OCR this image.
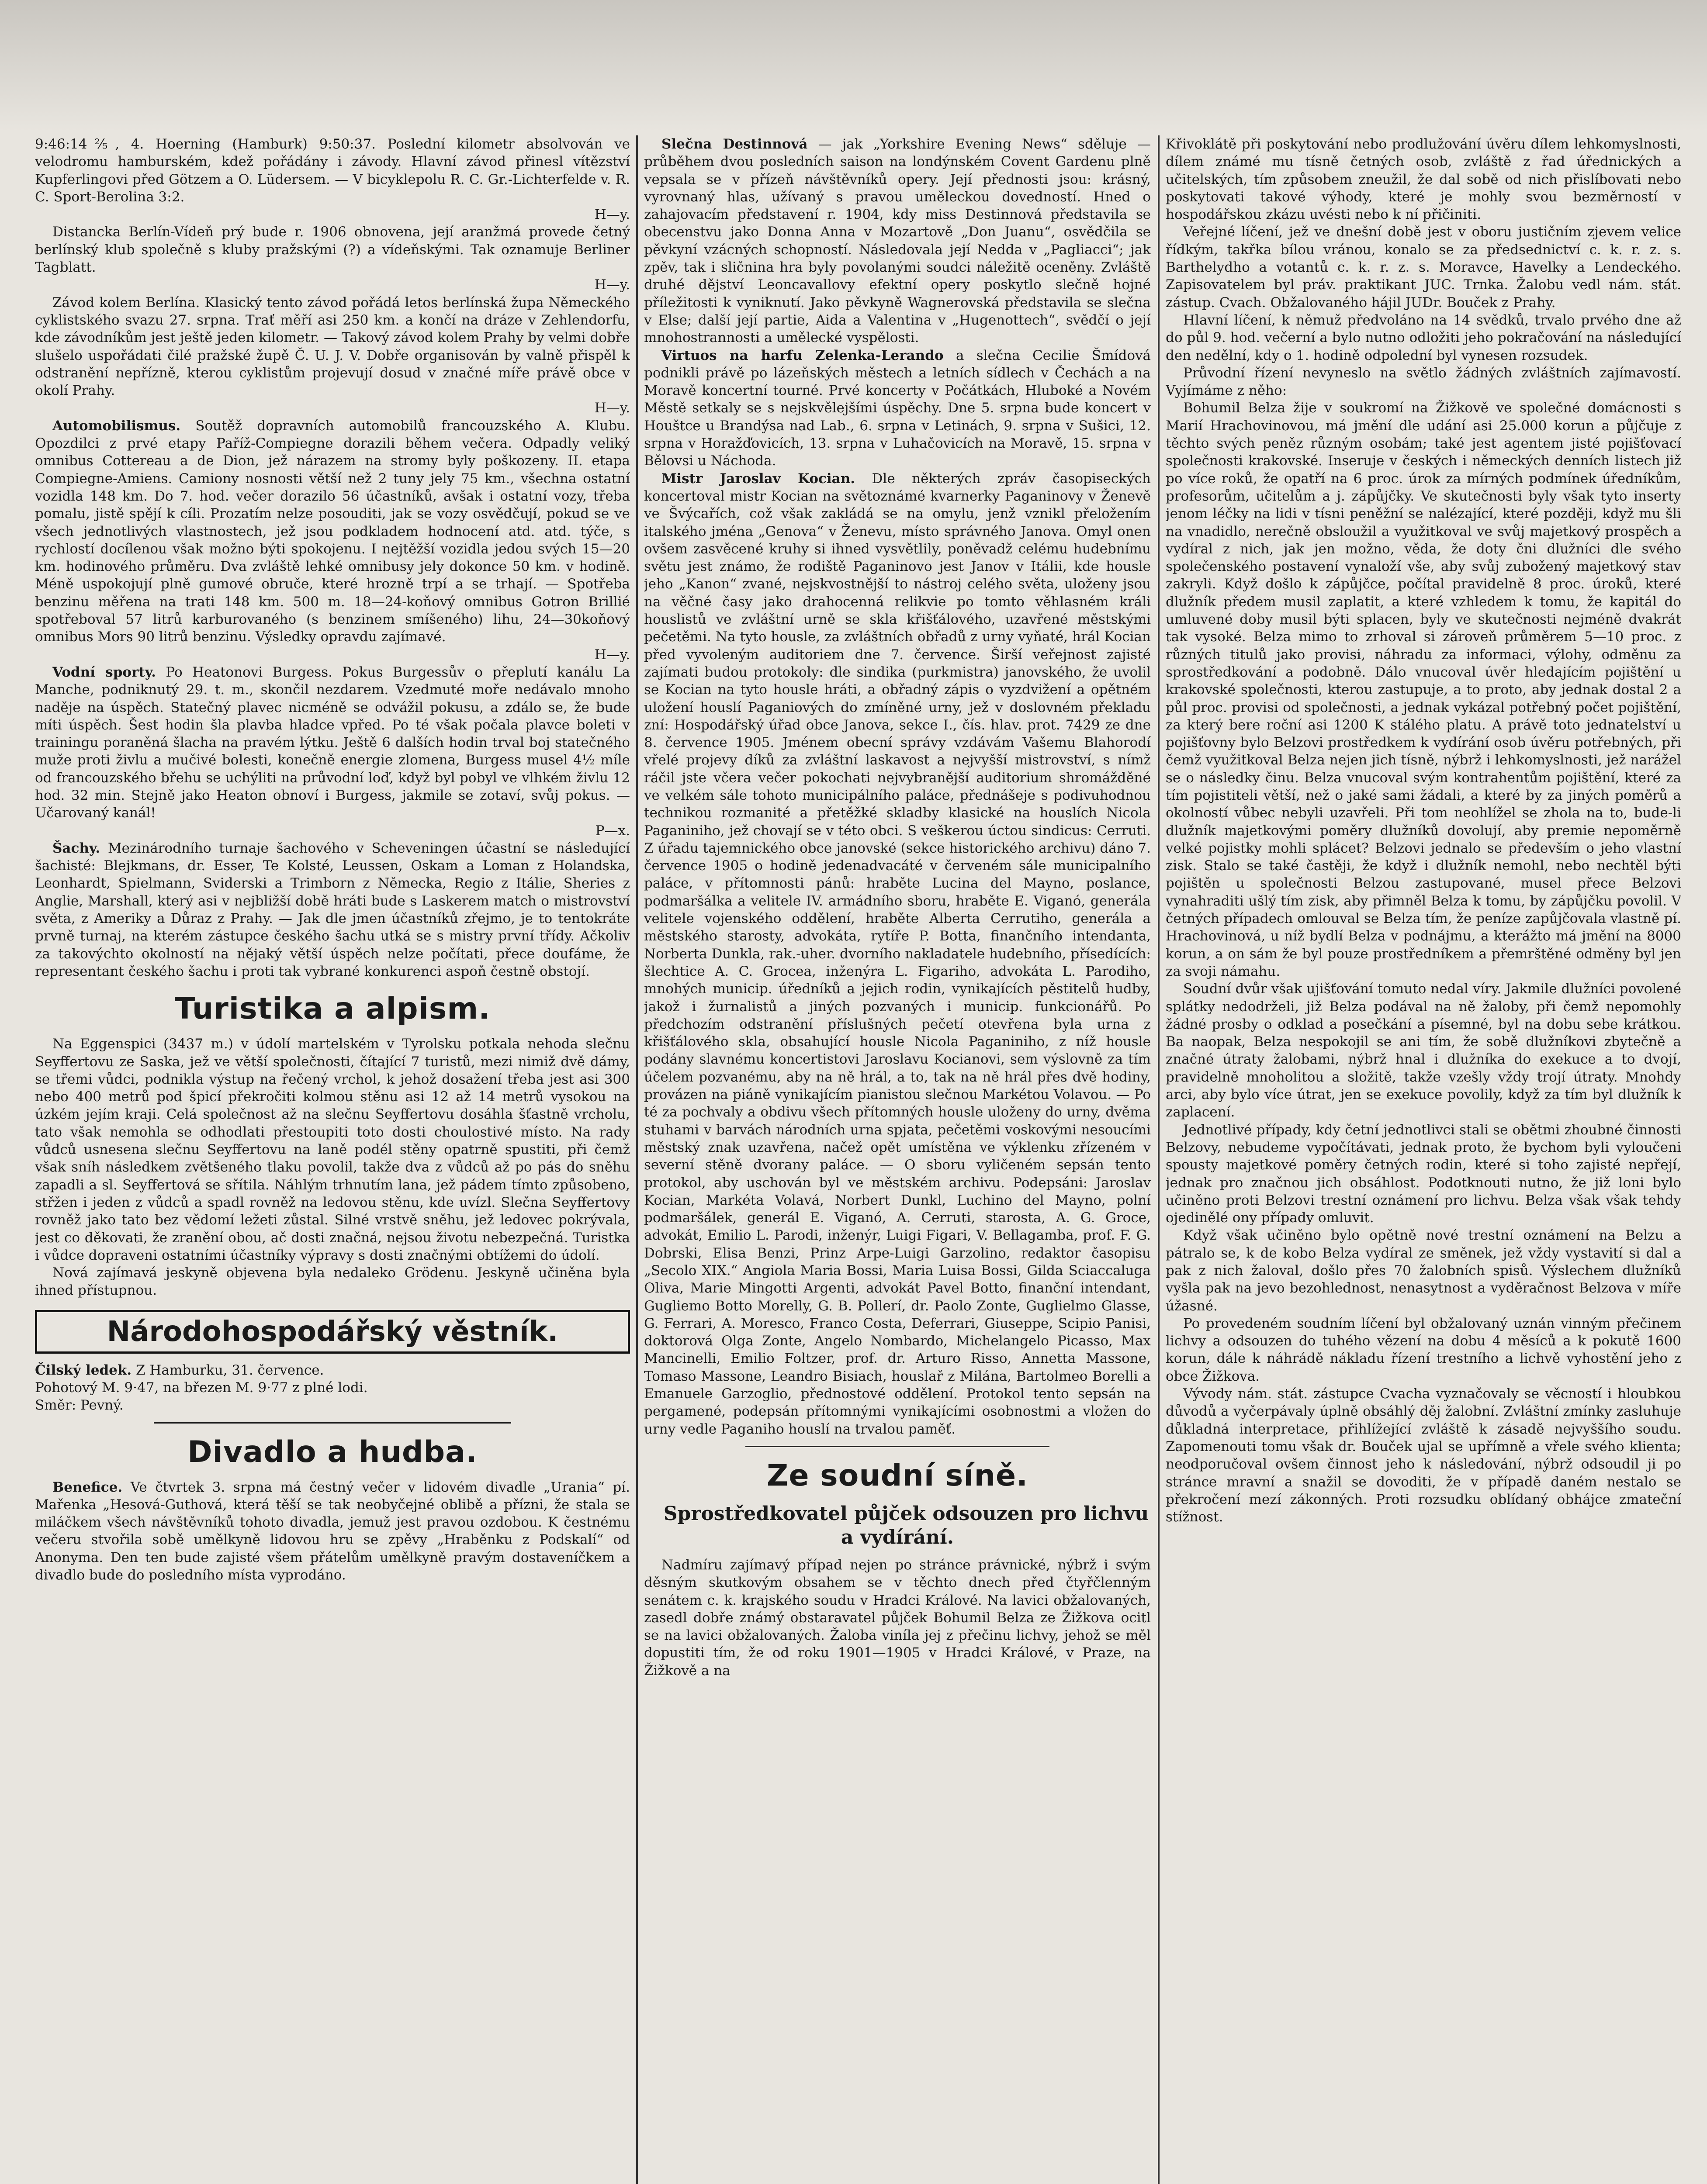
9:46:14⅖, 4. Hoerning (Hamburk) 9:50:37. Poslední kilometr absolvován ve velodromu hamburském, kdež pořádány i závody. Hlavní závod přinesl vítězství Kupferlingovi před Götzem a O. Lüdersem. — V bicyklepolu R. C. Gr.-Lichterfelde v. R. C. Sport-Berolina 3:2.

H—y.

Distancka Berlín-Vídeň prý bude r. 1906 obnovena, její aranžmá provede četný berlínský klub společně s kluby pražskými (?) a vídeňskými. Tak oznamuje Berliner Tagblatt.

H—y.

Závod kolem Berlína. Klasický tento závod pořádá letos berlínská župa Německého cyklistského svazu 27. srpna. Trať měří asi 250 km. a končí na dráze v Zehlendorfu, kde závodníkům jest ještě jeden kilometr. — Takový závod kolem Prahy by velmi dobře slušelo uspořádati čilé pražské župě Č. U. J. V. Dobře organisován by valně přispěl k odstranění nepřízně, kterou cyklistům projevují dosud v značné míře právě obce v okolí Prahy.

H—y.

Automobilismus. Soutěž dopravních automobilů francouzského A. Klubu. Opozdilci z prvé etapy Paříž-Compiegne dorazili během večera. Odpadly veliký omnibus Cottereau a de Dion, jež nárazem na stromy byly poškozeny. II. etapa Compiegne-Amiens. Camiony nosnosti větší než 2 tuny jely 75 km., všechna ostatní vozidla 148 km. Do 7. hod. večer dorazilo 56 účastníků, avšak i ostatní vozy, třeba pomalu, jistě spějí k cíli. Prozatím nelze posouditi, jak se vozy osvědčují, pokud se ve všech jednotlivých vlastnostech, jež jsou podkladem hodnocení atd. atd. týče, s rychlostí docílenou však možno býti spokojenu. I nejtěžší vozidla jedou svých 15—20 km. hodinového průměru. Dva zvláště lehké omnibusy jely dokonce 50 km. v hodině. Méně uspokojují plně gumové obruče, které hrozně trpí a se trhají. — Spotřeba benzinu měřena na trati 148 km. 500 m. 18—24-koňový omnibus Gotron Brillié spotřeboval 57 litrů karburovaného (s benzinem smíšeného) lihu, 24—30koňový omnibus Mors 90 litrů benzinu. Výsledky opravdu zajímavé.

H—y.

Vodní sporty. Po Heatonovi Burgess. Pokus Burgessův o přeplutí kanálu La Manche, podniknutý 29. t. m., skončil nezdarem. Vzedmuté moře nedávalo mnoho naděje na úspěch. Statečný plavec nicméně se odvážil pokusu, a zdálo se, že bude míti úspěch. Šest hodin šla plavba hladce vpřed. Po té však počala plavce boleti v trainingu poraněná šlacha na pravém lýtku. Ještě 6 dalších hodin trval boj statečného muže proti živlu a mučivé bolesti, konečně energie zlomena, Burgess musel 4½ míle od francouzského břehu se uchýliti na průvodní loď, když byl pobyl ve vlhkém živlu 12 hod. 32 min. Stejně jako Heaton obnoví i Burgess, jakmile se zotaví, svůj pokus. — Učarovaný kanál!

P—x.

Šachy. Mezinárodního turnaje šachového v Scheveningen účastní se následující šachisté: Blejkmans, dr. Esser, Te Kolsté, Leussen, Oskam a Loman z Holandska, Leonhardt, Spielmann, Sviderski a Trimborn z Německa, Regio z Itálie, Sheries z Anglie, Marshall, který asi v nejbližší době hráti bude s Laskerem match o mistrovství světa, z Ameriky a Důraz z Prahy. — Jak dle jmen účastníků zřejmo, je to tentokráte prvně turnaj, na kterém zástupce českého šachu utká se s mistry první třídy. Ačkoliv za takovýchto okolností na nějaký větší úspěch nelze počítati, přece doufáme, že representant českého šachu i proti tak vybrané konkurenci aspoň čestně obstojí.

Turistika a alpism.

Na Eggenspici (3437 m.) v údolí martelském v Tyrolsku potkala nehoda slečnu Seyffertovu ze Saska, jež ve větší společnosti, čítající 7 turistů, mezi nimiž dvě dámy, se třemi vůdci, podnikla výstup na řečený vrchol, k jehož dosažení třeba jest asi 300 nebo 400 metrů pod špicí překročiti kolmou stěnu asi 12 až 14 metrů vysokou na úzkém jejím kraji. Celá společnost až na slečnu Seyffertovu dosáhla šťastně vrcholu, tato však nemohla se odhodlati přestoupiti toto dosti choulostivé místo. Na rady vůdců usnesena slečnu Seyffertovu na laně podél stěny opatrně spustiti, při čemž však sníh následkem zvětšeného tlaku povolil, takže dva z vůdců až po pás do sněhu zapadli a sl. Seyffertová se sřítila. Náhlým trhnutím lana, jež pádem tímto způsobeno, střžen i jeden z vůdců a spadl rovněž na ledovou stěnu, kde uvízl. Slečna Seyffertovy rovněž jako tato bez vědomí ležeti zůstal. Silné vrstvě sněhu, jež ledovec pokrývala, jest co děkovati, že zranění obou, ač dosti značná, nejsou životu nebezpečná. Turistka i vůdce dopraveni ostatními účastníky výpravy s dosti značnými obtížemi do údolí.

Nová zajímavá jeskyně objevena byla nedaleko Grödenu. Jeskyně učiněna byla ihned přístupnou.

Národohospodářský věstník.

Čilský ledek. Z Hamburku, 31. července.

Pohotový M. 9·47, na březen M. 9·77 z plné lodi.

Směr: Pevný.

Divadlo a hudba.

Benefice. Ve čtvrtek 3. srpna má čestný večer v lidovém divadle „Urania“ pí. Mařenka „Hesová-Guthová, která těší se tak neobyčejné oblibě a přízni, že stala se miláčkem všech návštěvníků tohoto divadla, jemuž jest pravou ozdobou. K čestnému večeru stvořila sobě umělkyně lidovou hru se zpěvy „Hraběnku z Podskalí“ od Anonyma. Den ten bude zajisté všem přátelům umělkyně pravým dostaveníčkem a divadlo bude do posledního místa vyprodáno.

Slečna Destinnová — jak „Yorkshire Evening News“ sděluje — průběhem dvou posledních saison na londýnském Covent Gardenu plně vepsala se v přízeň návštěvníků opery. Její přednosti jsou: krásný, vyrovnaný hlas, užívaný s pravou uměleckou dovedností. Hned o zahajovacím představení r. 1904, kdy miss Destinnová představila se obecenstvu jako Donna Anna v Mozartově „Don Juanu“, osvědčila se pěvkyní vzácných schopností. Následovala její Nedda v „Pagliacci“; jak zpěv, tak i sličnina hra byly povolanými soudci náležitě oceněny. Zvláště druhé dějství Leoncavallovy efektní opery poskytlo slečně hojné příležitosti k vyniknutí. Jako pěvkyně Wagnerovská představila se slečna v Else; další její partie, Aida a Valentina v „Hugenottech“, svědčí o její mnohostrannosti a umělecké vyspělosti.

Virtuos na harfu Zelenka-Lerando a slečna Cecilie Šmídová podnikli právě po lázeňských městech a letních sídlech v Čechách a na Moravě koncertní tourné. Prvé koncerty v Počátkách, Hluboké a Novém Městě setkaly se s nejskvělejšími úspěchy. Dne 5. srpna bude koncert v Houštce u Brandýsa nad Lab., 6. srpna v Letinách, 9. srpna v Sušici, 12. srpna v Horažďovicích, 13. srpna v Luhačovicích na Moravě, 15. srpna v Bělovsi u Náchoda.

Mistr Jaroslav Kocian. Dle některých zpráv časopiseckých koncertoval mistr Kocian na světoznámé kvarnerky Paganinovy v Ženevě ve Švýcařích, což však zakládá se na omylu, jenž vznikl přeložením italského jména „Genova“ v Ženevu, místo správného Janova. Omyl onen ovšem zasvěcené kruhy si ihned vysvětlily, poněvadž celému hudebnímu světu jest známo, že rodiště Paganinovo jest Janov v Itálii, kde housle jeho „Kanon“ zvané, nejskvostnější to nástroj celého světa, uloženy jsou na věčné časy jako drahocenná relikvie po tomto věhlasném králi houslistů ve zvláštní urně se skla křišťálového, uzavřené městskými pečetěmi. Na tyto housle, za zvláštních obřadů z urny vyňaté, hrál Kocian před vyvoleným auditoriem dne 7. července. Širší veřejnost zajisté zajímati budou protokoly: dle sindika (purkmistra) janovského, že uvolil se Kocian na tyto housle hráti, a obřadný zápis o vyzdvižení a opětném uložení houslí Paganiových do zmíněné urny, jež v doslovném překladu zní: Hospodářský úřad obce Janova, sekce I., čís. hlav. prot. 7429 ze dne 8. července 1905. Jménem obecní správy vzdávám Vašemu Blahorodí vřelé projevy díků za zvláštní laskavost a nejvyšší mistrovství, s nímž ráčil jste včera večer pokochati nejvybranější auditorium shromážděné ve velkém sále tohoto municipálního paláce, přednášeje s podivuhodnou technikou rozmanité a přetěžké skladby klasické na houslích Nicola Paganiniho, jež chovají se v této obci. S veškerou úctou sindicus: Cerruti. Z úřadu tajemnického obce janovské (sekce historického archivu) dáno 7. července 1905 o hodině jedenadvacáté v červeném sále municipalního paláce, v přítomnosti pánů: hraběte Lucina del Mayno, poslance, podmaršálka a velitele IV. armádního sboru, hraběte E. Viganó, generála velitele vojenského oddělení, hraběte Alberta Cerrutiho, generála a městského starosty, advokáta, rytíře P. Botta, finančního intendanta, Norberta Dunkla, rak.-uher. dvorního nakladatele hudebního, přísedících: šlechtice A. C. Grocea, inženýra L. Figariho, advokáta L. Parodiho, mnohých municip. úředníků a jejich rodin, vynikajících pěstitelů hudby, jakož i žurnalistů a jiných pozvaných i municip. funkcionářů. Po předchozím odstranění příslušných pečetí otevřena byla urna z křišťálového skla, obsahující housle Nicola Paganiniho, z níž housle podány slavnému koncertistovi Jaroslavu Kocianovi, sem výslovně za tím účelem pozvanému, aby na ně hrál, a to, tak na ně hrál přes dvě hodiny, provázen na piáně vynikajícím pianistou slečnou Markétou Volavou. — Po té za pochvaly a obdivu všech přítomných housle uloženy do urny, dvěma stuhami v barvách národních urna spjata, pečetěmi voskovými nesoucími městský znak uzavřena, načež opět umístěna ve výklenku zřízeném v severní stěně dvorany paláce. — O sboru vyličeném sepsán tento protokol, aby uschován byl ve městském archivu. Podepsáni: Jaroslav Kocian, Markéta Volavá, Norbert Dunkl, Luchino del Mayno, polní podmaršálek, generál E. Viganó, A. Cerruti, starosta, A. G. Groce, advokát, Emilio L. Parodi, inženýr, Luigi Figari, V. Bellagamba, prof. F. G. Dobrski, Elisa Benzi, Prinz Arpe-Luigi Garzolino, redaktor časopisu „Secolo XIX.“ Angiola Maria Bossi, Maria Luisa Bossi, Gilda Sciaccaluga Oliva, Marie Mingotti Argenti, advokát Pavel Botto, finanční intendant, Gugliemo Botto Morelly, G. B. Pollerí, dr. Paolo Zonte, Guglielmo Glasse, G. Ferrari, A. Moresco, Franco Costa, Deferrari, Giuseppe, Scipio Panisi, doktorová Olga Zonte, Angelo Nombardo, Michelangelo Picasso, Max Mancinelli, Emilio Foltzer, prof. dr. Arturo Risso, Annetta Massone, Tomaso Massone, Leandro Bisiach, houslař z Milána, Bartolmeo Borelli a Emanuele Garzoglio, přednostové oddělení. Protokol tento sepsán na pergamené, podepsán přítomnými vynikajícími osobnostmi a vložen do urny vedle Paganiho houslí na trvalou paměť.

Ze soudní síně.

Sprostředkovatel půjček odsouzen pro lichvu a vydírání.

Nadmíru zajímavý případ nejen po stránce právnické, nýbrž i svým děsným skutkovým obsahem se v těchto dnech před čtyřčlenným senátem c. k. krajského soudu v Hradci Králové. Na lavici obžalovaných, zasedl dobře známý obstaravatel půjček Bohumil Belza ze Žižkova ocitl se na lavici obžalovaných. Žaloba viníla jej z přečinu lichvy, jehož se měl dopustiti tím, že od roku 1901—1905 v Hradci Králové, v Praze, na Žižkově a na

Křivoklátě při poskytování nebo prodlužování úvěru dílem lehkomyslnosti, dílem známé mu tísně četných osob, zvláště z řad úřednických a učitelských, tím způsobem zneužil, že dal sobě od nich přislíbovati nebo poskytovati takové výhody, které je mohly svou bezměrností v hospodářskou zkázu uvésti nebo k ní přičiniti.

Veřejné líčení, jež ve dnešní době jest v oboru justičním zjevem velice řídkým, takřka bílou vránou, konalo se za předsednictví c. k. r. z. s. Barthelydho a votantů c. k. r. z. s. Moravce, Havelky a Lendeckého. Zapisovatelem byl práv. praktikant JUC. Trnka. Žalobu vedl nám. stát. zástup. Cvach. Obžalovaného hájil JUDr. Bouček z Prahy.

Hlavní líčení, k němuž předvoláno na 14 svědků, trvalo prvého dne až do půl 9. hod. večerní a bylo nutno odložiti jeho pokračování na následující den nedělní, kdy o 1. hodině odpolední byl vynesen rozsudek.

Průvodní řízení nevyneslo na světlo žádných zvláštních zajímavostí. Vyjímáme z něho:

Bohumil Belza žije v soukromí na Žižkově ve společné domácnosti s Marií Hrachovinovou, má jmění dle udání asi 25.000 korun a půjčuje z těchto svých peněz různým osobám; také jest agentem jisté pojišťovací společnosti krakovské. Inseruje v českých i německých denních listech již po více roků, že opatří na 6 proc. úrok za mírných podmínek úředníkům, profesorům, učitelům a j. zápůjčky. Ve skutečnosti byly však tyto inserty jenom léčky na lidi v tísni peněžní se nalézající, které později, když mu šli na vnadidlo, nerečně obsloužil a využitkoval ve svůj majetkový prospěch a vydíral z nich, jak jen možno, věda, že doty čni dlužníci dle svého společenského postavení vynaloží vše, aby svůj zubožený majetkový stav zakryli. Když došlo k zápůjčce, počítal pravidelně 8 proc. úroků, které dlužník předem musil zaplatit, a které vzhledem k tomu, že kapitál do umluvené doby musil býti splacen, byly ve skutečnosti nejméně dvakrát tak vysoké. Belza mimo to zrhoval si zároveň průměrem 5—10 proc. z různých titulů jako provisi, náhradu za informaci, výlohy, odměnu za sprostředkování a podobně. Dálo vnucoval úvěr hledajícím pojištění u krakovské společnosti, kterou zastupuje, a to proto, aby jednak dostal 2 a půl proc. provisi od společnosti, a jednak vykázal potřebný počet pojištění, za který bere roční asi 1200 K stálého platu. A právě toto jednatelství u pojišťovny bylo Belzovi prostředkem k vydírání osob úvěru potřebných, při čemž využitkoval Belza nejen jich tísně, nýbrž i lehkomyslnosti, jež narážel se o následky činu. Belza vnucoval svým kontrahentům pojištění, které za tím pojistiteli větší, než o jaké sami žádali, a které by za jiných poměrů a okolností vůbec nebyli uzavřeli. Při tom neohlížel se zhola na to, bude-li dlužník majetkovými poměry dlužníků dovolují, aby premie nepoměrně velké pojistky mohli splácet? Belzovi jednalo se především o jeho vlastní zisk. Stalo se také častěji, že když i dlužník nemohl, nebo nechtěl býti pojištěn u společnosti Belzou zastupované, musel přece Belzovi vynahraditi ušlý tím zisk, aby přimněl Belza k tomu, by zápůjčku povolil. V četných případech omlouval se Belza tím, že peníze zapůjčovala vlastně pí. Hrachovinová, u níž bydlí Belza v podnájmu, a kterážto má jmění na 8000 korun, a on sám že byl pouze prostředníkem a přemrštěné odměny byl jen za svoji námahu.

Soudní dvůr však ujišťování tomuto nedal víry. Jakmile dlužníci povolené splátky nedodrželi, již Belza podával na ně žaloby, při čemž nepomohly žádné prosby o odklad a posečkání a písemné, byl na dobu sebe krátkou. Ba naopak, Belza nespokojil se ani tím, že sobě dlužníkovi zbytečně a značné útraty žalobami, nýbrž hnal i dlužníka do exekuce a to dvojí, pravidelně mnoholitou a složitě, takže vzešly vždy trojí útraty. Mnohdy arci, aby bylo více útrat, jen se exekuce povolily, když za tím byl dlužník k zaplacení.

Jednotlivé případy, kdy četní jednotlivci stali se obětmi zhoubné činnosti Belzovy, nebudeme vypočítávati, jednak proto, že bychom byli vyloučeni spousty majetkové poměry četných rodin, které si toho zajisté nepřejí, jednak pro značnou jich obsáhlost. Podotknouti nutno, že již loni bylo učiněno proti Belzovi trestní oznámení pro lichvu. Belza však však tehdy ojedinělé ony případy omluvit.

Když však učiněno bylo opětně nové trestní oznámení na Belzu a pátralo se, k de kobo Belza vydíral ze směnek, jež vždy vystavití si dal a pak z nich žaloval, došlo přes 70 žalobních spisů. Výslechem dlužníků vyšla pak na jevo bezohlednost, nenasytnost a vyděračnost Belzova v míře úžasné.

Po provedeném soudním líčení byl obžalovaný uznán vinným přečinem lichvy a odsouzen do tuhého vězení na dobu 4 měsíců a k pokutě 1600 korun, dále k náhrádě nákladu řízení trestního a lichvě vyhostění jeho z obce Žižkova.

Vývody nám. stát. zástupce Cvacha vyznačovaly se věcností i hloubkou důvodů a vyčerpávaly úplně obsáhlý děj žalobní. Zvláštní zmínky zasluhuje důkladná interpretace, přihlížející zvláště k zásadě nejvyššího soudu. Zapomenouti tomu však dr. Bouček ujal se upřímně a vřele svého klienta; neodporučoval ovšem činnost jeho k následování, nýbrž odsoudil ji po stránce mravní a snažil se dovoditi, že v případě daném nestalo se překročení mezí zákonných. Proti rozsudku oblídaný obhájce zmateční stížnost.
